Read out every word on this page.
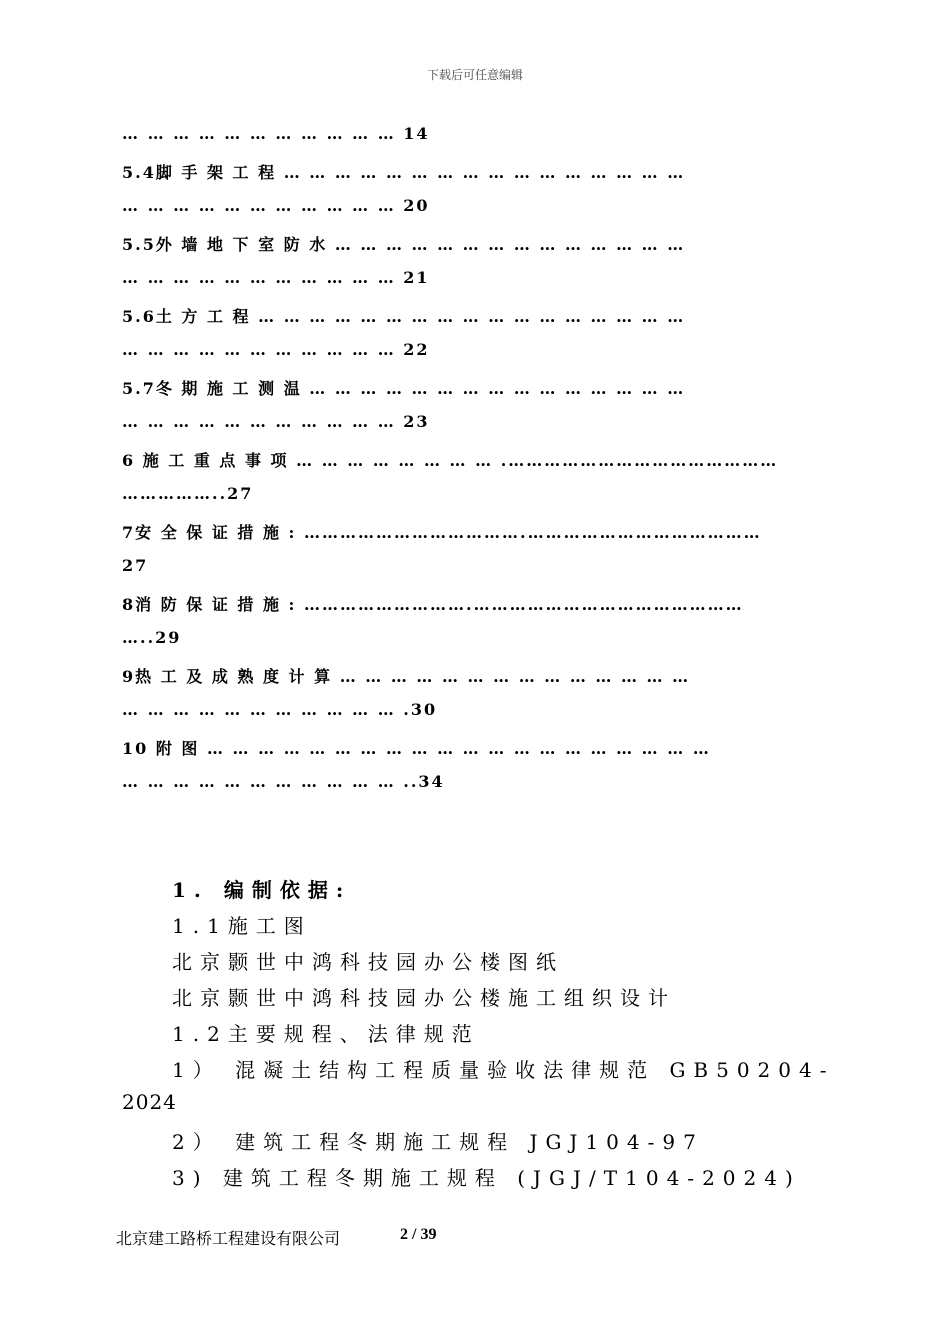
下载后可任意编辑
… … … … … … … … … … … 14
5.4脚 手 架 工 程 … … … … … … … … … … … … … … … …
… … … … … … … … … … … 20
5.5外 墙 地 下 室 防 水 … … … … … … … … … … … … … …
… … … … … … … … … … … 21
5.6土 方 工 程 … … … … … … … … … … … … … … … … …
… … … … … … … … … … … 22
5.7冬 期 施 工 测 温 … … … … … … … … … … … … … … …
… … … … … … … … … … … 23
6 施 工 重 点 事 项 … … … … … … … … .………………………………………
……………..27
7安 全 保 证 措 施 : ……………………………….…………………………………
27
8消 防 保 证 措 施 : ……………………….………………………………………
…..29
9热 工 及 成 熟 度 计 算 … … … … … … … … … … … … … …
… … … … … … … … … … … .30
10 附 图 … … … … … … … … … … … … … … … … … … … …
… … … … … … … … … … … ..34
1. 编制依据:
1.1施工图
北京颢世中鸿科技园办公楼图纸
北京颢世中鸿科技园办公楼施工组织设计
1.2主要规程、法律规范
1） 混凝土结构工程质量验收法律规范 GB50204-
2024
2） 建筑工程冬期施工规程 JGJ104-97
3) 建筑工程冬期施工规程 (JGJ/T104-2024)
北京建工路桥工程建设有限公司	2 / 39
